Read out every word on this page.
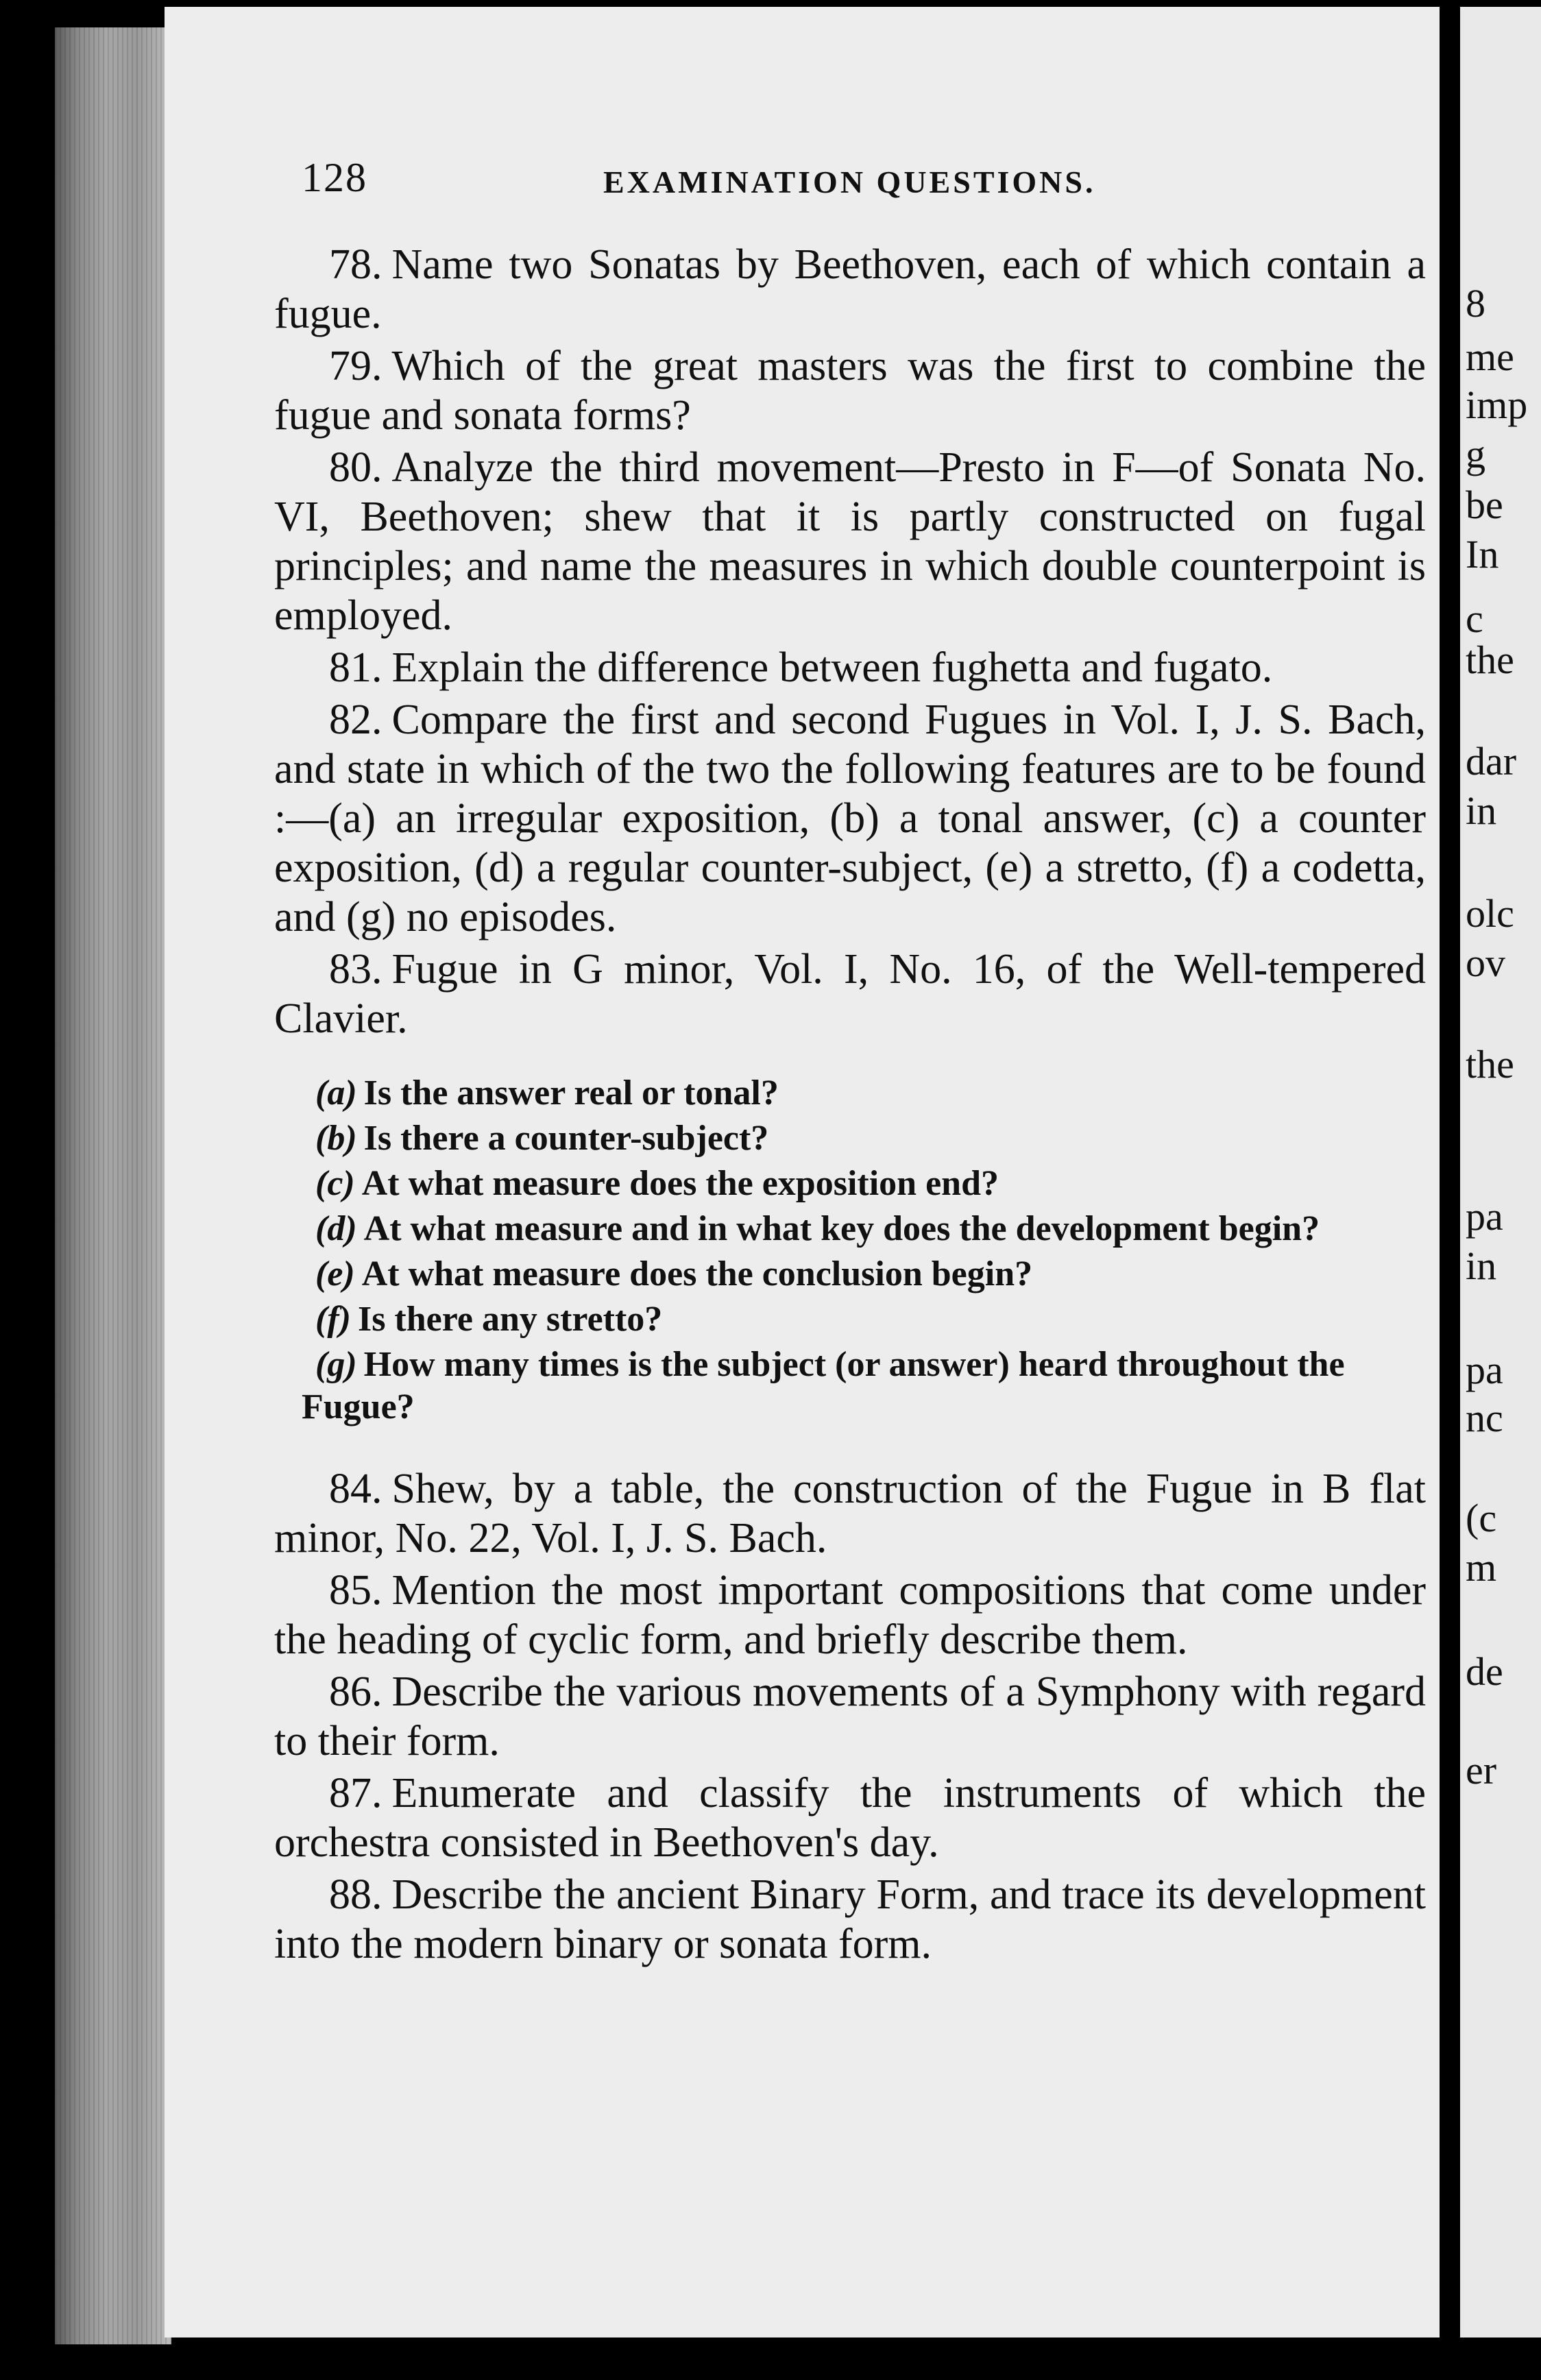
8
me
imp
g
be
In
c
the
dar
in
olc
ov
the
pa
in
pa
nc
(c
m
de
er
128	EXAMINATION QUESTIONS.

78. Name two Sonatas by Beethoven, each of which contain a fugue.

79. Which of the great masters was the first to combine the fugue and sonata forms?

80. Analyze the third movement—Presto in F—of Sonata No. VI, Beethoven; shew that it is partly constructed on fugal principles; and name the measures in which double counterpoint is employed.

81. Explain the difference between fughetta and fugato.

82. Compare the first and second Fugues in Vol. I, J. S. Bach, and state in which of the two the following features are to be found :—(a) an irregular exposition, (b) a tonal answer, (c) a counter exposition, (d) a regular counter-subject, (e) a stretto, (f) a codetta, and (g) no episodes.

83. Fugue in G minor, Vol. I, No. 16, of the Well-tempered Clavier.

(a) Is the answer real or tonal?
(b) Is there a counter-subject?
(c) At what measure does the exposition end?
(d) At what measure and in what key does the development begin?
(e) At what measure does the conclusion begin?
(f) Is there any stretto?
(g) How many times is the subject (or answer) heard throughout the Fugue?

84. Shew, by a table, the construction of the Fugue in B flat minor, No. 22, Vol. I, J. S. Bach.

85. Mention the most important compositions that come under the heading of cyclic form, and briefly describe them.

86. Describe the various movements of a Symphony with regard to their form.

87. Enumerate and classify the instruments of which the orchestra consisted in Beethoven's day.

88. Describe the ancient Binary Form, and trace its development into the modern binary or sonata form.
